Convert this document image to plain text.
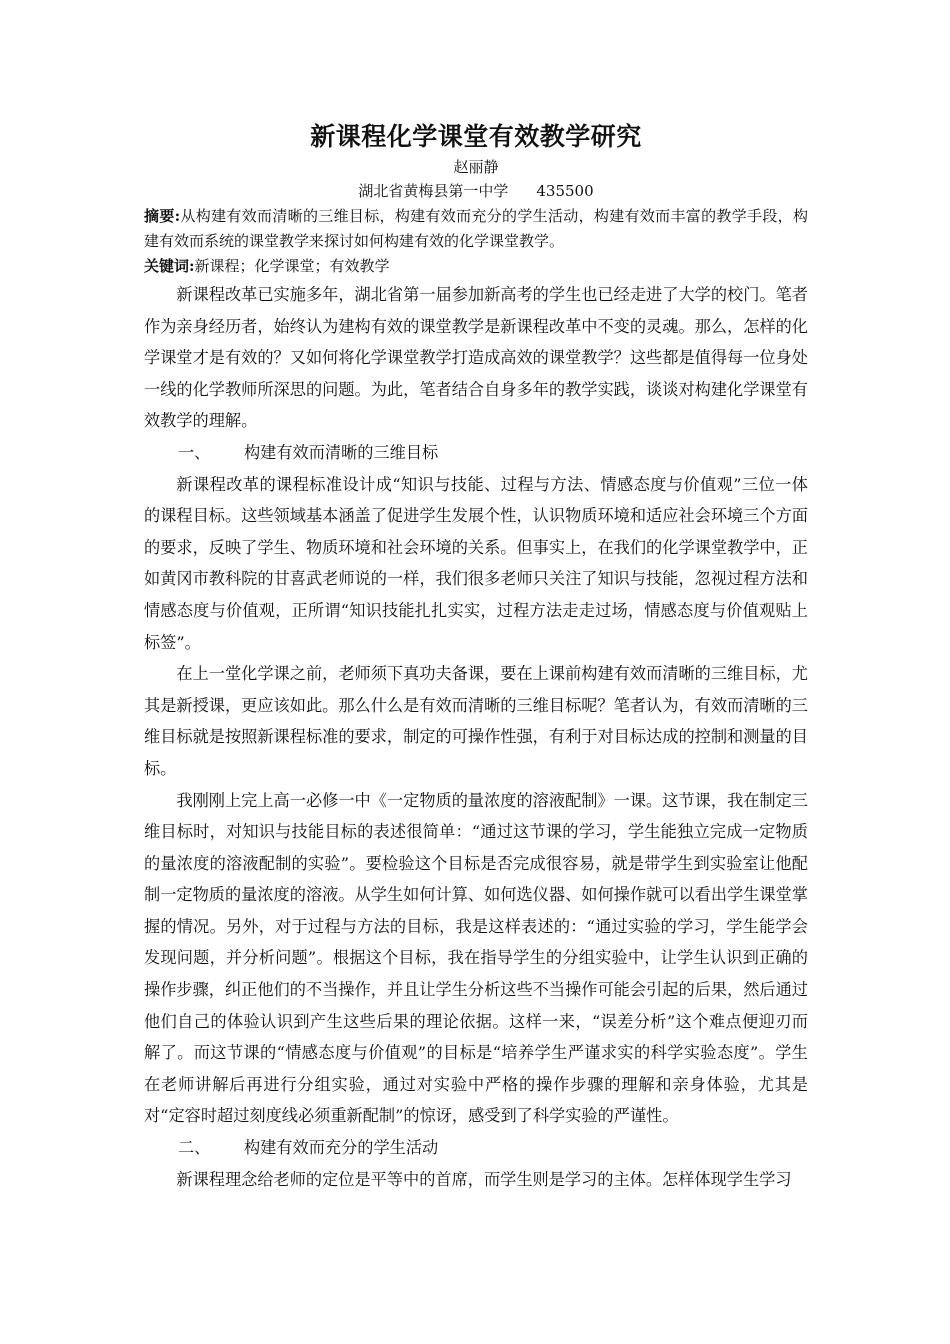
新课程化学课堂有效教学研究

赵丽静

湖北省黄梅县第一中学 435500

摘要:从构建有效而清晰的三维目标，构建有效而充分的学生活动，构建有效而丰富的教学手段，构建有效而系统的课堂教学来探讨如何构建有效的化学课堂教学。

关键词:新课程；化学课堂；有效教学

新课程改革已实施多年，湖北省第一届参加新高考的学生也已经走进了大学的校门。笔者作为亲身经历者，始终认为建构有效的课堂教学是新课程改革中不变的灵魂。那么，怎样的化学课堂才是有效的？又如何将化学课堂教学打造成高效的课堂教学？这些都是值得每一位身处一线的化学教师所深思的问题。为此，笔者结合自身多年的教学实践，谈谈对构建化学课堂有效教学的理解。

一、 构建有效而清晰的三维目标

新课程改革的课程标准设计成“知识与技能、过程与方法、情感态度与价值观”三位一体的课程目标。这些领域基本涵盖了促进学生发展个性，认识物质环境和适应社会环境三个方面的要求，反映了学生、物质环境和社会环境的关系。但事实上，在我们的化学课堂教学中，正如黄冈市教科院的甘喜武老师说的一样，我们很多老师只关注了知识与技能，忽视过程方法和情感态度与价值观，正所谓“知识技能扎扎实实，过程方法走走过场，情感态度与价值观贴上标签”。

在上一堂化学课之前，老师须下真功夫备课，要在上课前构建有效而清晰的三维目标，尤其是新授课，更应该如此。那么什么是有效而清晰的三维目标呢？笔者认为，有效而清晰的三维目标就是按照新课程标准的要求，制定的可操作性强，有利于对目标达成的控制和测量的目标。

我刚刚上完上高一必修一中《一定物质的量浓度的溶液配制》一课。这节课，我在制定三维目标时，对知识与技能目标的表述很简单：“通过这节课的学习，学生能独立完成一定物质的量浓度的溶液配制的实验”。要检验这个目标是否完成很容易，就是带学生到实验室让他配制一定物质的量浓度的溶液。从学生如何计算、如何选仪器、如何操作就可以看出学生课堂掌握的情况。另外，对于过程与方法的目标，我是这样表述的：“通过实验的学习，学生能学会发现问题，并分析问题”。根据这个目标，我在指导学生的分组实验中，让学生认识到正确的操作步骤，纠正他们的不当操作，并且让学生分析这些不当操作可能会引起的后果，然后通过他们自己的体验认识到产生这些后果的理论依据。这样一来，“误差分析”这个难点便迎刃而解了。而这节课的“情感态度与价值观”的目标是“培养学生严谨求实的科学实验态度”。学生在老师讲解后再进行分组实验，通过对实验中严格的操作步骤的理解和亲身体验，尤其是对“定容时超过刻度线必须重新配制”的惊讶，感受到了科学实验的严谨性。

二、 构建有效而充分的学生活动

新课程理念给老师的定位是平等中的首席，而学生则是学习的主体。怎样体现学生学习
